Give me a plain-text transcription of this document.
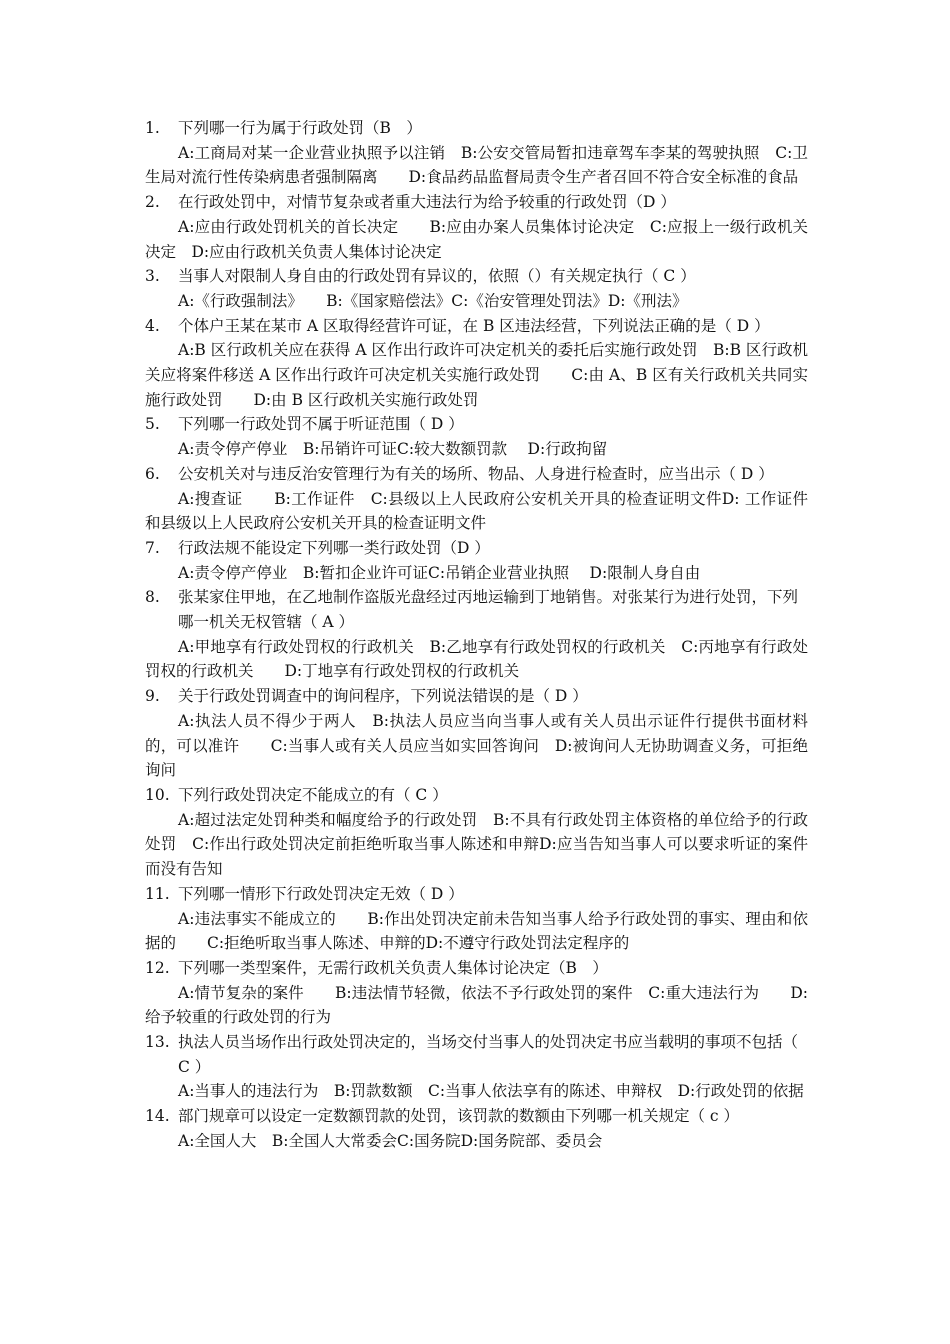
1. 下列哪一行为属于行政处罚（B　）
A:工商局对某一企业营业执照予以注销　B:公安交管局暂扣违章驾车李某的驾驶执照　C:卫生局对流行性传染病患者强制隔离　　D:食品药品监督局责令生产者召回不符合安全标准的食品
2. 在行政处罚中，对情节复杂或者重大违法行为给予较重的行政处罚（D ）
A:应由行政处罚机关的首长决定　　B:应由办案人员集体讨论决定　C:应报上一级行政机关决定　D:应由行政机关负责人集体讨论决定
3. 当事人对限制人身自由的行政处罚有异议的，依照（）有关规定执行（ C ）
A:《行政强制法》　　B:《国家赔偿法》C:《治安管理处罚法》D:《刑法》
4. 个体户王某在某市 A 区取得经营许可证，在 B 区违法经营，下列说法正确的是（ D ）
A:B 区行政机关应在获得 A 区作出行政许可决定机关的委托后实施行政处罚　B:B 区行政机关应将案件移送 A 区作出行政许可决定机关实施行政处罚　　C:由 A、B 区有关行政机关共同实施行政处罚　　D:由 B 区行政机关实施行政处罚
5. 下列哪一行政处罚不属于听证范围（ D ）
A:责令停产停业　B:吊销许可证C:较大数额罚款　 D:行政拘留
6. 公安机关对与违反治安管理行为有关的场所、物品、人身进行检查时，应当出示（ D ）
A:搜查证　　B:工作证件　C:县级以上人民政府公安机关开具的检查证明文件D: 工作证件和县级以上人民政府公安机关开具的检查证明文件
7. 行政法规不能设定下列哪一类行政处罚（D ）
A:责令停产停业　B:暂扣企业许可证C:吊销企业营业执照　 D:限制人身自由
8. 张某家住甲地，在乙地制作盗版光盘经过丙地运输到丁地销售。对张某行为进行处罚，下列哪一机关无权管辖（ A ）
A:甲地享有行政处罚权的行政机关　B:乙地享有行政处罚权的行政机关　C:丙地享有行政处罚权的行政机关　　D:丁地享有行政处罚权的行政机关
9. 关于行政处罚调查中的询问程序，下列说法错误的是（ D ）
A:执法人员不得少于两人　B:执法人员应当向当事人或有关人员出示证件行提供书面材料的，可以准许　　C:当事人或有关人员应当如实回答询问　D:被询问人无协助调查义务，可拒绝询问
10. 下列行政处罚决定不能成立的有（ C ）
A:超过法定处罚种类和幅度给予的行政处罚　B:不具有行政处罚主体资格的单位给予的行政处罚　C:作出行政处罚决定前拒绝听取当事人陈述和申辩D:应当告知当事人可以要求听证的案件而没有告知
11. 下列哪一情形下行政处罚决定无效（ D ）
A:违法事实不能成立的　　B:作出处罚决定前未告知当事人给予行政处罚的事实、理由和依据的　　C:拒绝听取当事人陈述、申辩的D:不遵守行政处罚法定程序的
12. 下列哪一类型案件，无需行政机关负责人集体讨论决定（B　）
A:情节复杂的案件　　B:违法情节轻微，依法不予行政处罚的案件　C:重大违法行为　　D:给予较重的行政处罚的行为
13. 执法人员当场作出行政处罚决定的，当场交付当事人的处罚决定书应当载明的事项不包括（ C ）
A:当事人的违法行为　B:罚款数额　C:当事人依法享有的陈述、申辩权　D:行政处罚的依据
14. 部门规章可以设定一定数额罚款的处罚，该罚款的数额由下列哪一机关规定（ c ）
A:全国人大　B:全国人大常委会C:国务院D:国务院部、委员会
